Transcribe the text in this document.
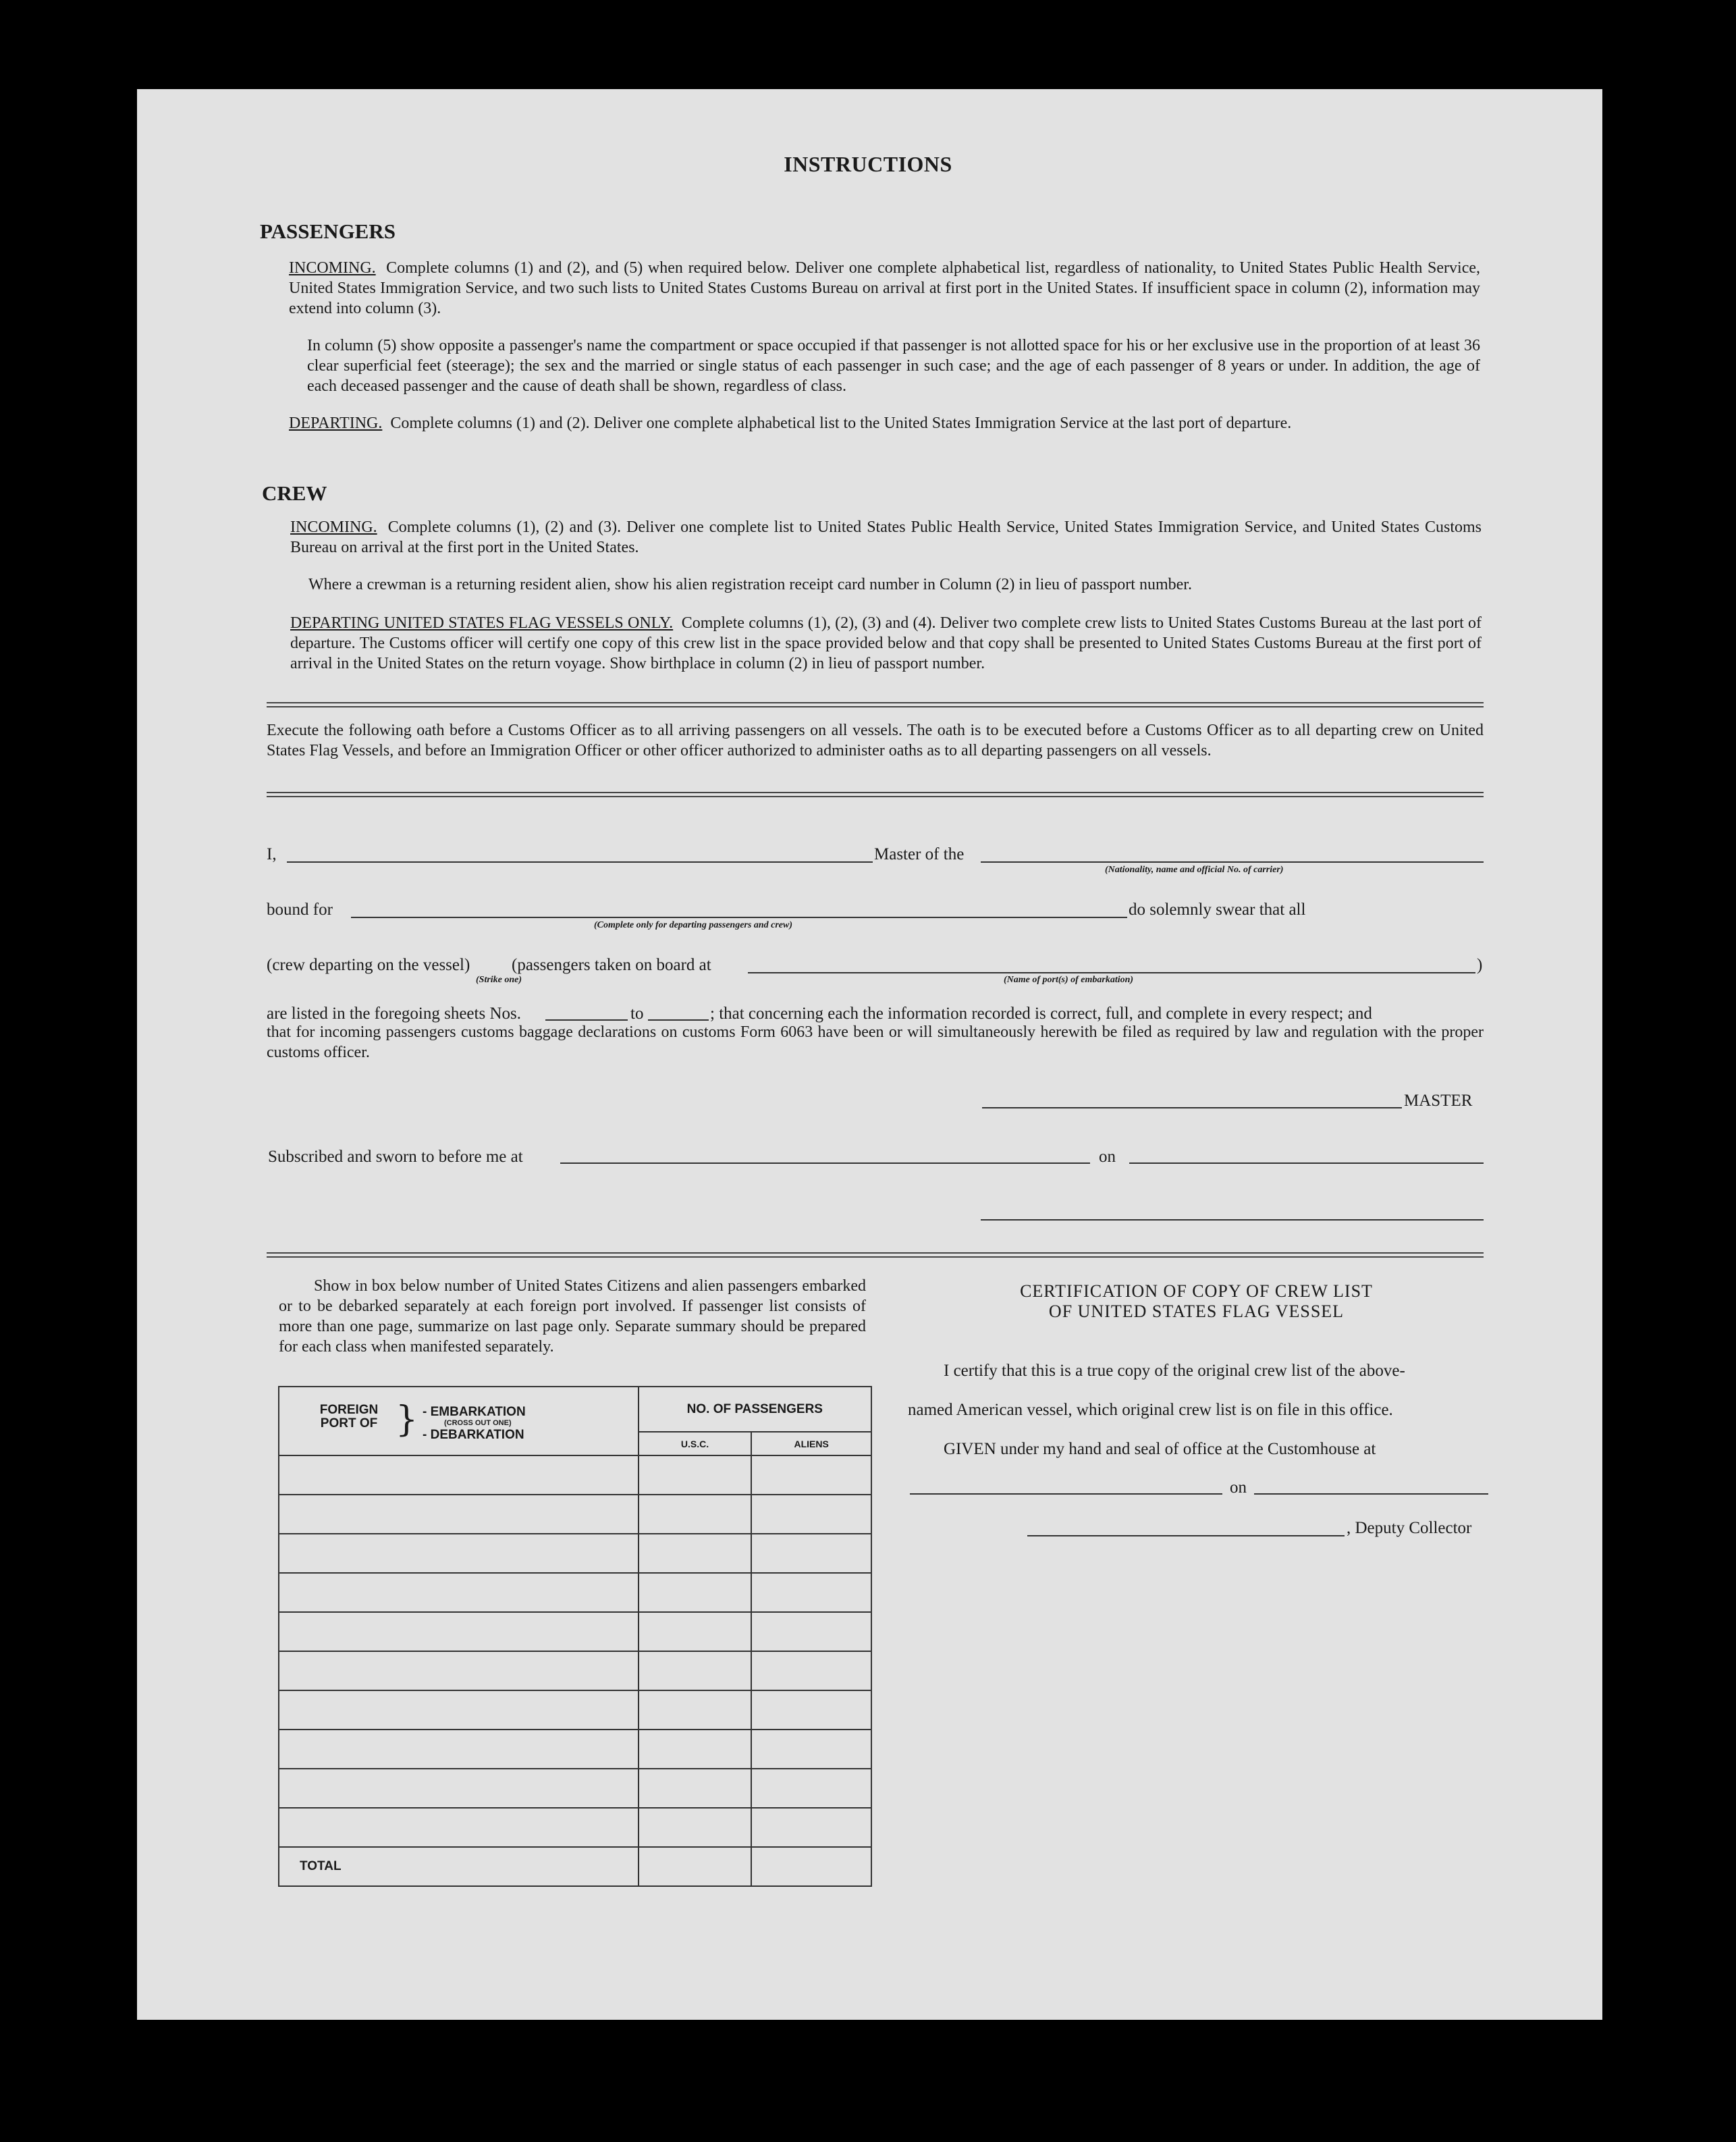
INSTRUCTIONS
PASSENGERS
INCOMING. Complete columns (1) and (2), and (5) when required below. Deliver one complete alphabetical list, regardless of nationality, to United States Public Health Service, United States Immigration Service, and two such lists to United States Customs Bureau on arrival at first port in the United States. If insufficient space in column (2), information may extend into column (3).
In column (5) show opposite a passenger's name the compartment or space occupied if that passenger is not allotted space for his or her exclusive use in the proportion of at least 36 clear superficial feet (steerage); the sex and the married or single status of each passenger in such case; and the age of each passenger of 8 years or under. In addition, the age of each deceased passenger and the cause of death shall be shown, regardless of class.
DEPARTING. Complete columns (1) and (2). Deliver one complete alphabetical list to the United States Immigration Service at the last port of departure.
CREW
INCOMING. Complete columns (1), (2) and (3). Deliver one complete list to United States Public Health Service, United States Immigration Service, and United States Customs Bureau on arrival at the first port in the United States.
Where a crewman is a returning resident alien, show his alien registration receipt card number in Column (2) in lieu of passport number.
DEPARTING UNITED STATES FLAG VESSELS ONLY. Complete columns (1), (2), (3) and (4). Deliver two complete crew lists to United States Customs Bureau at the last port of departure. The Customs officer will certify one copy of this crew list in the space provided below and that copy shall be presented to United States Customs Bureau at the first port of arrival in the United States on the return voyage. Show birthplace in column (2) in lieu of passport number.
Execute the following oath before a Customs Officer as to all arriving passengers on all vessels. The oath is to be executed before a Customs Officer as to all departing crew on United States Flag Vessels, and before an Immigration Officer or other officer authorized to administer oaths as to all departing passengers on all vessels.
I,	Master of the
(Nationality, name and official No. of carrier)
bound for
(Complete only for departing passengers and crew)
do solemnly swear that all
(crew departing on the vessel) (passengers taken on board at	)
(Strike one)	(Name of port(s) of embarkation)
are listed in the foregoing sheets Nos.	to	; that concerning each the information recorded is correct, full, and complete in every respect; and
that for incoming passengers customs baggage declarations on customs Form 6063 have been or will simultaneously herewith be filed as required by law and regulation with the proper customs officer.
MASTER
Subscribed and sworn to before me at	on
Show in box below number of United States Citizens and alien passengers embarked or to be debarked separately at each foreign port involved. If passenger list consists of more than one page, summarize on last page only. Separate summary should be prepared for each class when manifested separately.
FOREIGN PORT OF } - EMBARKATION
(CROSS OUT ONE)
- DEBARKATION	NO. OF PASSENGERS	
	U.S.C.	ALIENS

TOTAL		
CERTIFICATION OF COPY OF CREW LIST
OF UNITED STATES FLAG VESSEL
I certify that this is a true copy of the original crew list of the above-
named American vessel, which original crew list is on file in this office.
GIVEN under my hand and seal of office at the Customhouse at
on
, Deputy Collector
